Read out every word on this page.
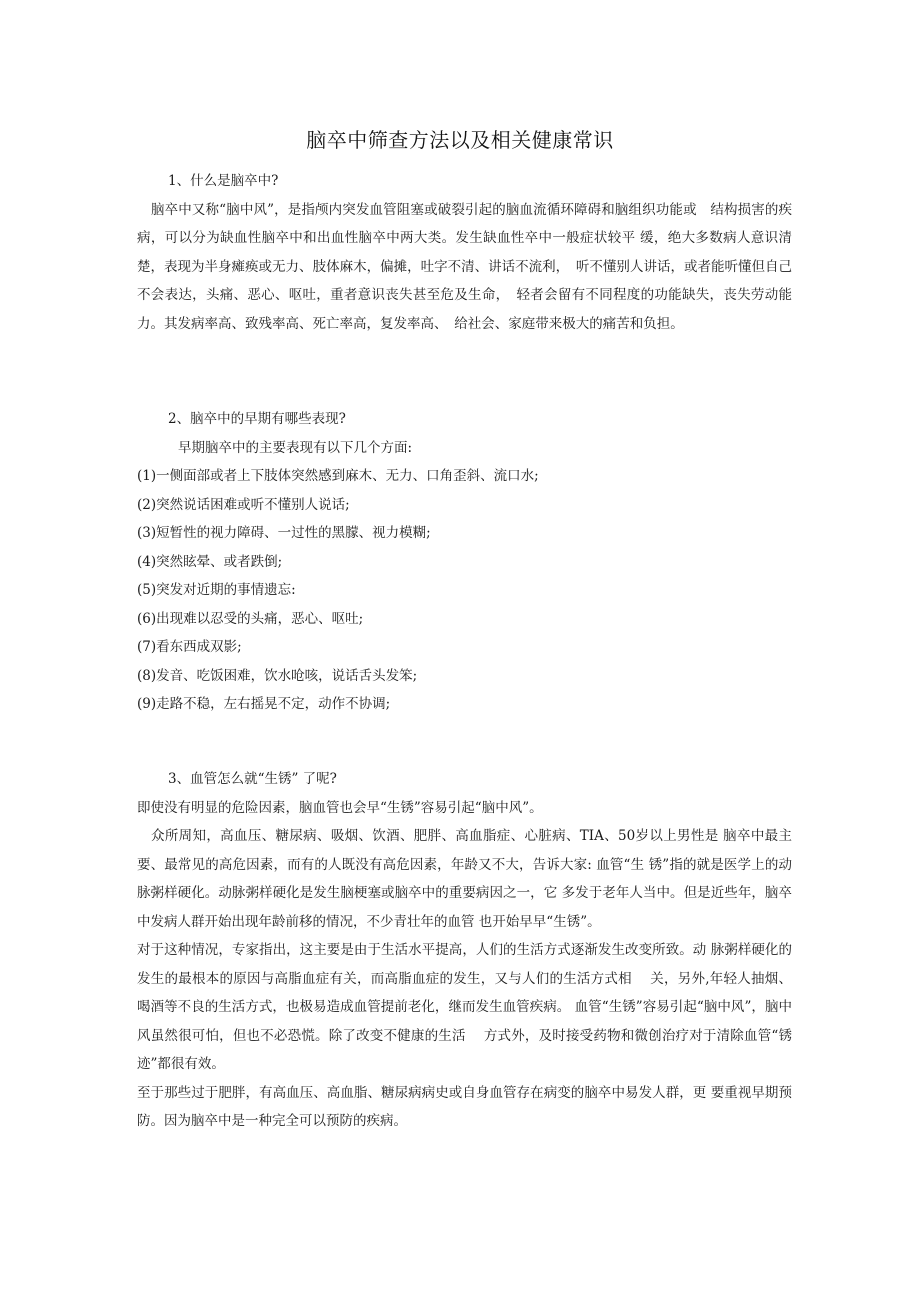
脑卒中筛查方法以及相关健康常识

1、什么是脑卒中?

脑卒中又称“脑中风”，是指颅内突发血管阻塞或破裂引起的脑血流循环障碍和脑组织功能或　结构损害的疾病，可以分为缺血性脑卒中和出血性脑卒中两大类。发生缺血性卒中一般症状较平 缓，绝大多数病人意识清楚，表现为半身瘫痪或无力、肢体麻木，偏摊，吐字不清、讲话不流利，　听不懂别人讲话，或者能听懂但自己不会表达，头痛、恶心、呕吐，重者意识丧失甚至危及生命，　轻者会留有不同程度的功能缺失，丧失劳动能力。其发病率高、致残率高、死亡率高，复发率高、　给社会、家庭带来极大的痛苦和负担。

2、脑卒中的早期有哪些表现?

早期脑卒中的主要表现有以下几个方面:

(1)一侧面部或者上下肢体突然感到麻木、无力、口角歪斜、流口水;
(2)突然说话困难或听不懂别人说话;
(3)短暂性的视力障碍、一过性的黑朦、视力模糊;
(4)突然眩晕、或者跌倒;
(5)突发对近期的事情遗忘:
(6)出现难以忍受的头痛，恶心、呕吐;
(7)看东西成双影;
(8)发音、吃饭困难，饮水呛咳，说话舌头发笨;
(9)走路不稳，左右摇晃不定，动作不协调;

3、血管怎么就“生锈” 了呢?

即使没有明显的危险因素，脑血管也会早“生锈”容易引起“脑中风”。

众所周知，高血压、糖尿病、吸烟、饮酒、肥胖、高血脂症、心脏病、TIA、50岁以上男性是 脑卒中最主要、最常见的高危因素，而有的人既没有高危因素，年龄又不大，告诉大家: 血管“生 锈”指的就是医学上的动脉粥样硬化。动脉粥样硬化是发生脑梗塞或脑卒中的重要病因之一，它 多发于老年人当中。但是近些年，脑卒中发病人群开始出现年龄前移的情况，不少青壮年的血管 也开始早早“生锈”。

对于这种情况，专家指出，这主要是由于生活水平提高，人们的生活方式逐渐发生改变所致。动 脉粥样硬化的发生的最根本的原因与高脂血症有关，而高脂血症的发生，又与人们的生活方式相　 关，另外,年轻人抽烟、喝酒等不良的生活方式，也极易造成血管提前老化，继而发生血管疾病。 血管“生锈”容易引起“脑中风”，脑中风虽然很可怕，但也不必恐慌。除了改变不健康的生活　 方式外，及时接受药物和微创治疗对于清除血管“锈迹”都很有效。

至于那些过于肥胖，有高血压、高血脂、糖尿病病史或自身血管存在病变的脑卒中易发人群，更 要重视早期预防。因为脑卒中是一种完全可以预防的疾病。
